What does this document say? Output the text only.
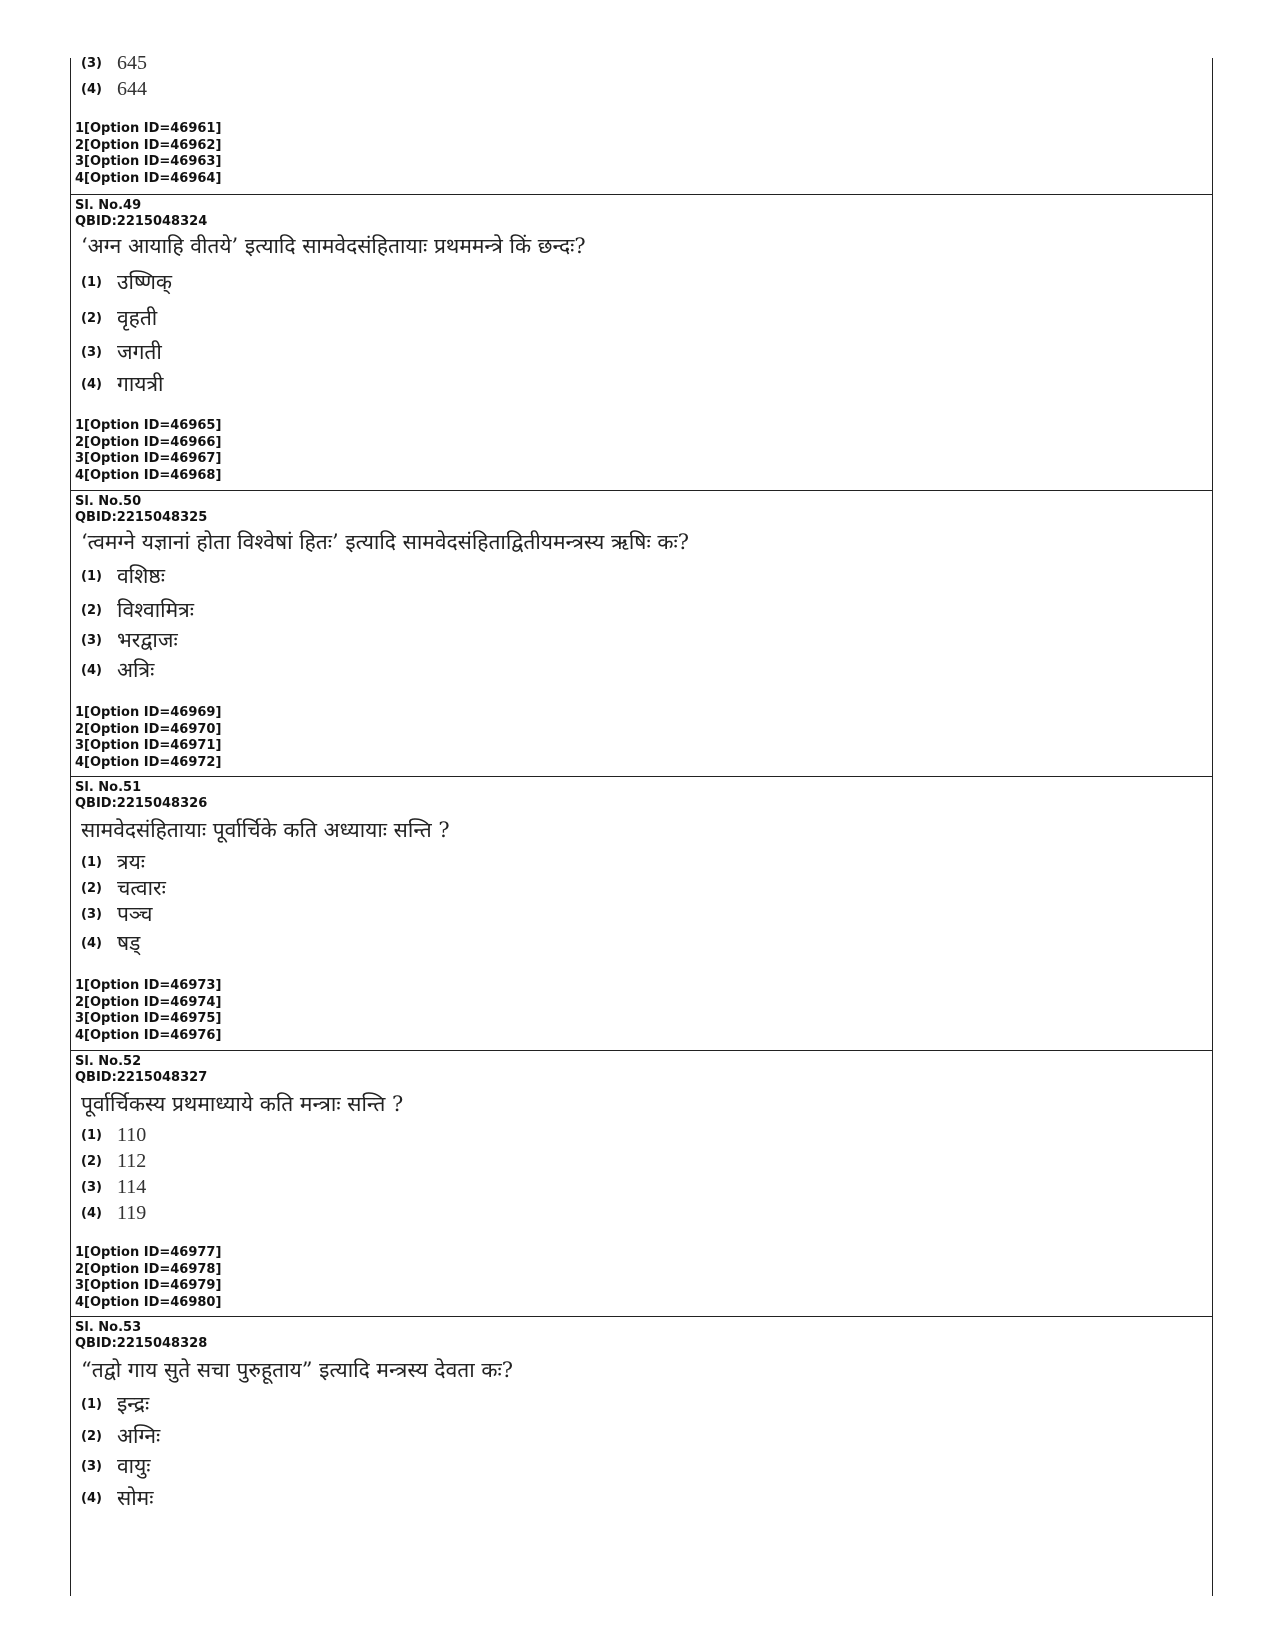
(3) 645
(4) 644
1[Option ID=46961]
2[Option ID=46962]
3[Option ID=46963]
4[Option ID=46964]
Sl. No.49
QBID:2215048324
‘अग्न आयाहि वीतये’ इत्यादि सामवेदसंहितायाः प्रथममन्त्रे किं छन्दः?
(1) उष्णिक्
(2) वृहती
(3) जगती
(4) गायत्री
1[Option ID=46965]
2[Option ID=46966]
3[Option ID=46967]
4[Option ID=46968]
Sl. No.50
QBID:2215048325
‘त्वमग्ने यज्ञानां होता विश्वेषां हितः’ इत्यादि सामवेदसंहिताद्वितीयमन्त्रस्य ऋषिः कः?
(1) वशिष्ठः
(2) विश्वामित्रः
(3) भरद्वाजः
(4) अत्रिः
1[Option ID=46969]
2[Option ID=46970]
3[Option ID=46971]
4[Option ID=46972]
Sl. No.51
QBID:2215048326
सामवेदसंहितायाः पूर्वार्चिके कति अध्यायाः सन्ति ?
(1) त्रयः
(2) चत्वारः
(3) पञ्च
(4) षड्
1[Option ID=46973]
2[Option ID=46974]
3[Option ID=46975]
4[Option ID=46976]
Sl. No.52
QBID:2215048327
पूर्वार्चिकस्य प्रथमाध्याये कति मन्त्राः सन्ति ?
(1) 110
(2) 112
(3) 114
(4) 119
1[Option ID=46977]
2[Option ID=46978]
3[Option ID=46979]
4[Option ID=46980]
Sl. No.53
QBID:2215048328
“तद्वो गाय सुते सचा पुरुहूताय” इत्यादि मन्त्रस्य देवता कः?
(1) इन्द्रः
(2) अग्निः
(3) वायुः
(4) सोमः
